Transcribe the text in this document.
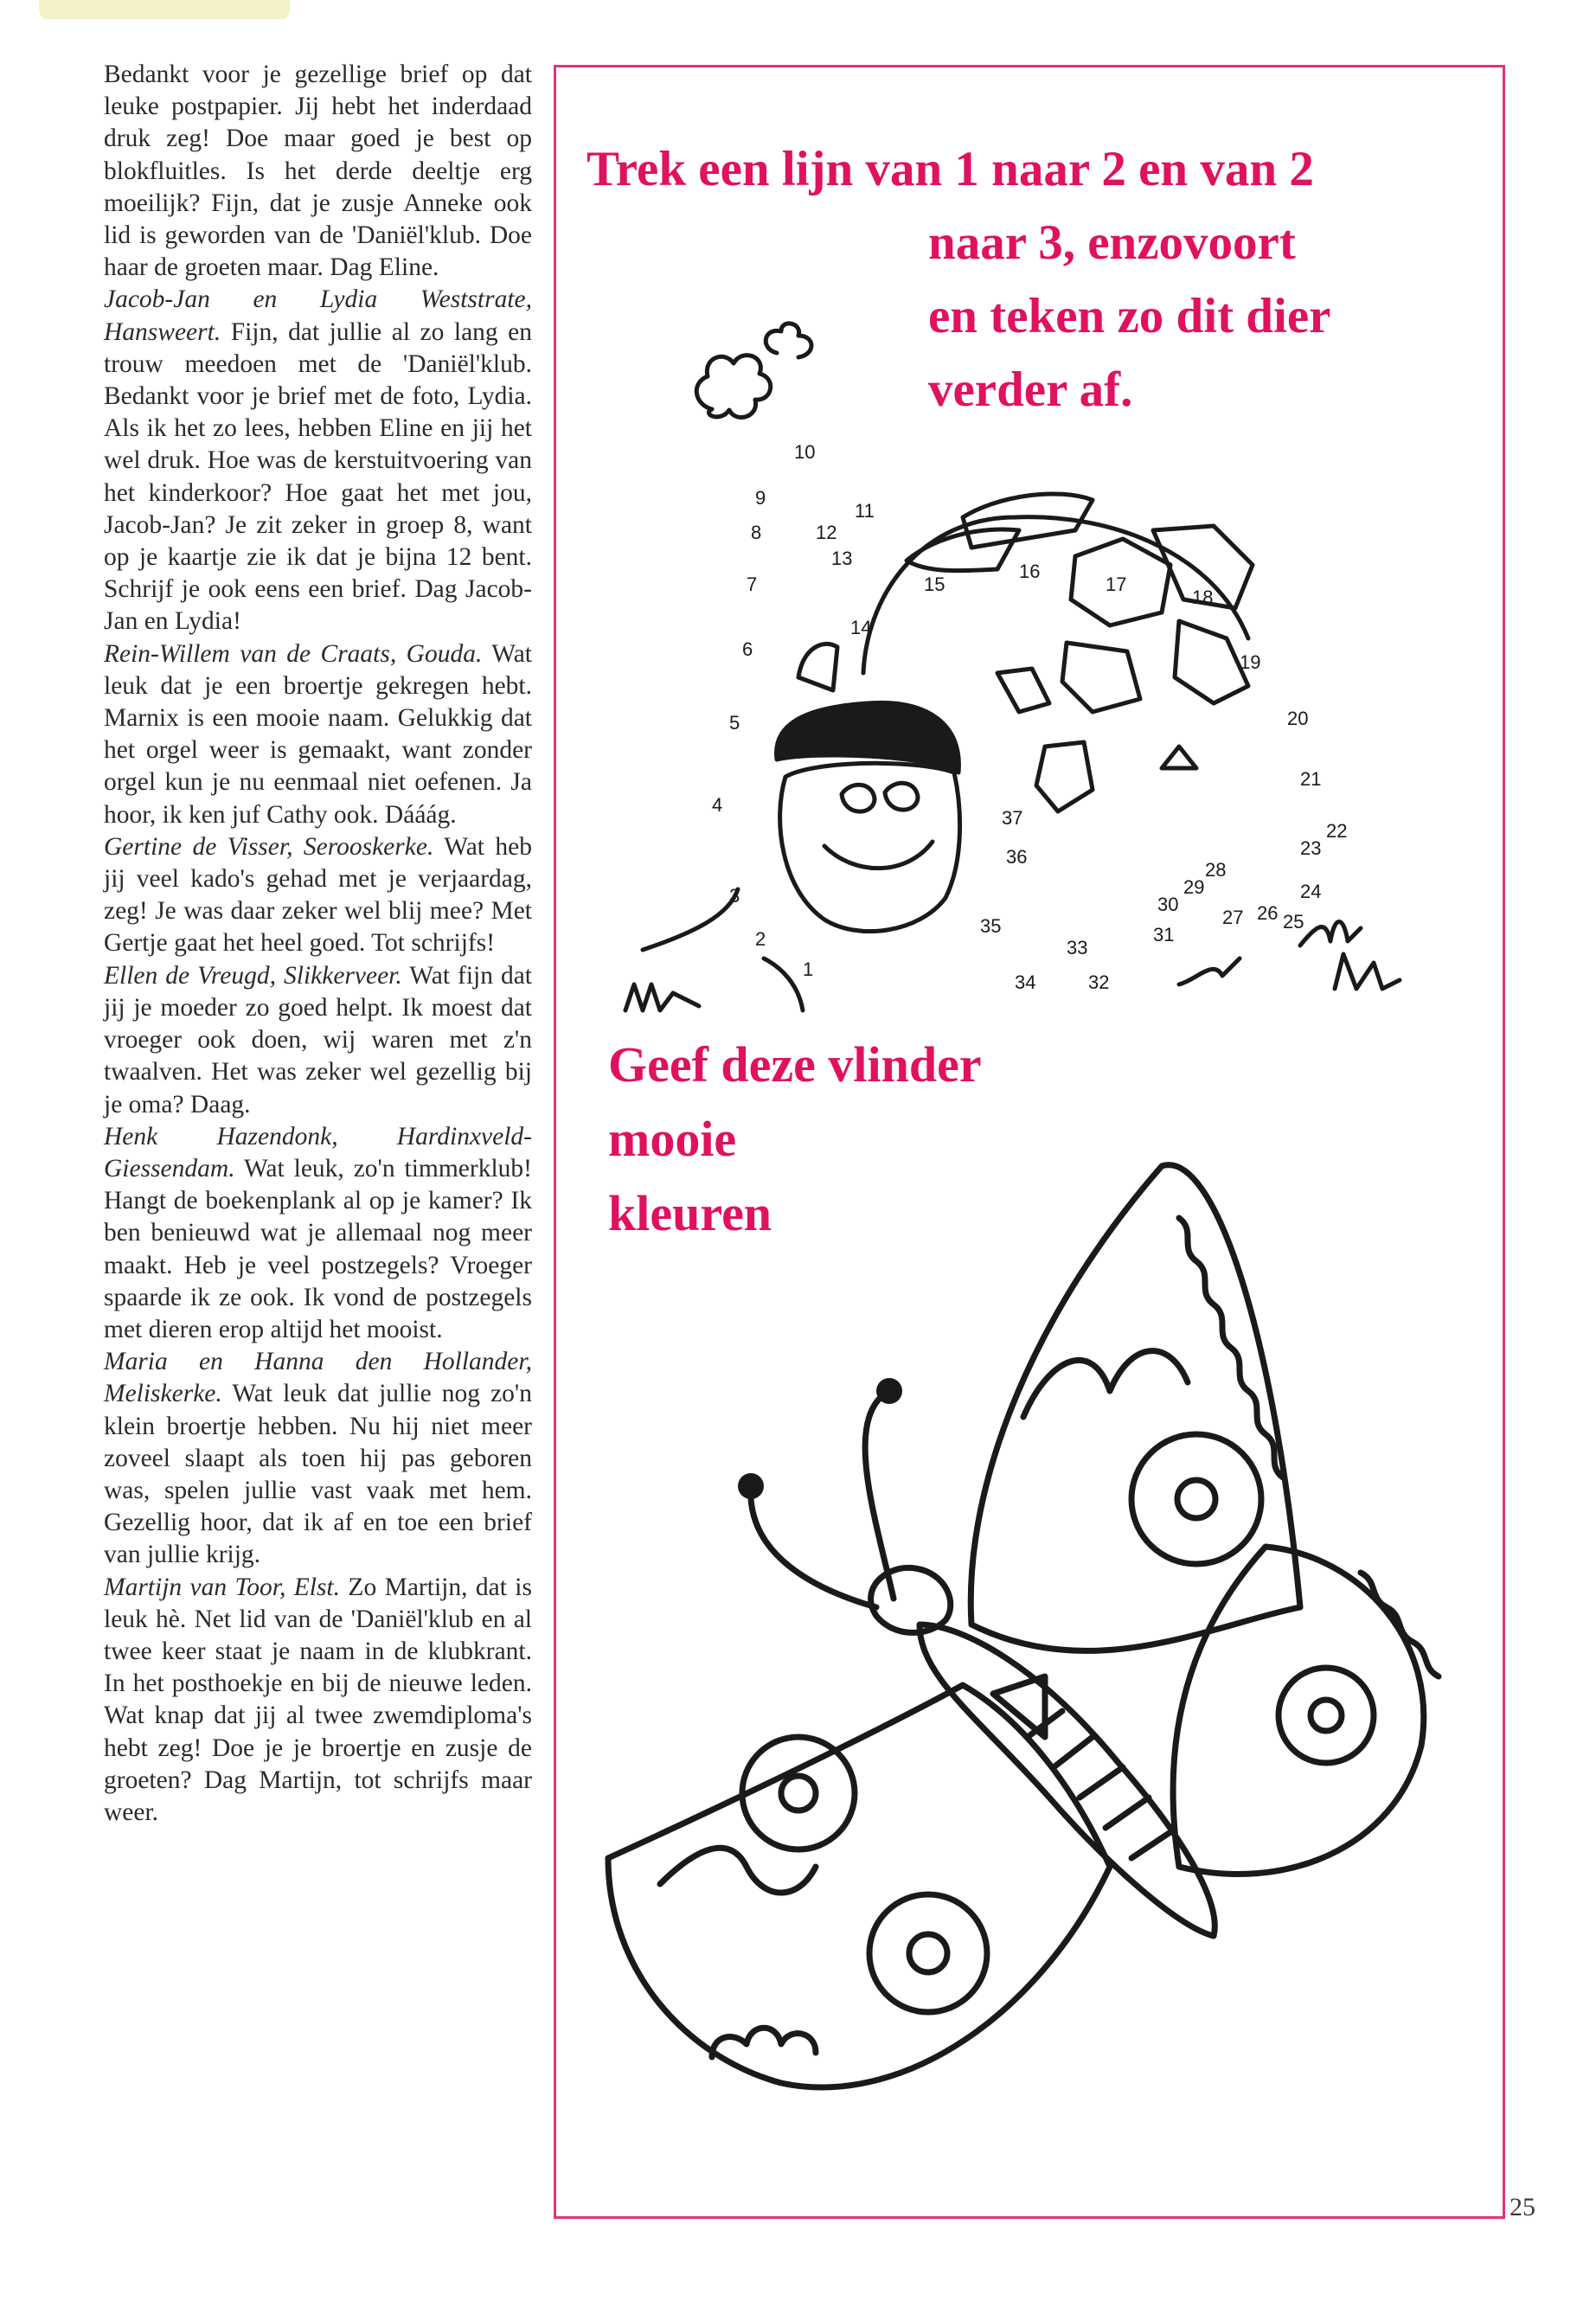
Bedankt voor je gezellige brief op dat leuke postpapier. Jij hebt het inderdaad druk zeg! Doe maar goed je best op blokfluitles. Is het derde deeltje erg moeilijk? Fijn, dat je zusje Anneke ook lid is geworden van de 'Daniël'klub. Doe haar de groeten maar. Dag Eline.

Jacob-Jan en Lydia Weststrate, Hansweert. Fijn, dat jullie al zo lang en trouw meedoen met de 'Daniël'klub. Bedankt voor je brief met de foto, Lydia. Als ik het zo lees, hebben Eline en jij het wel druk. Hoe was de kerstuitvoering van het kinderkoor? Hoe gaat het met jou, Jacob-Jan? Je zit zeker in groep 8, want op je kaartje zie ik dat je bijna 12 bent. Schrijf je ook eens een brief. Dag Jacob-Jan en Lydia!

Rein-Willem van de Craats, Gouda. Wat leuk dat je een broertje gekregen hebt. Marnix is een mooie naam. Gelukkig dat het orgel weer is gemaakt, want zonder orgel kun je nu eenmaal niet oefenen. Ja hoor, ik ken juf Cathy ook. Dááág.

Gertine de Visser, Serooskerke. Wat heb jij veel kado's gehad met je verjaardag, zeg! Je was daar zeker wel blij mee? Met Gertje gaat het heel goed. Tot schrijfs!

Ellen de Vreugd, Slikkerveer. Wat fijn dat jij je moeder zo goed helpt. Ik moest dat vroeger ook doen, wij waren met z'n twaalven. Het was zeker wel gezellig bij je oma? Daag.

Henk Hazendonk, Hardinxveld-Giessendam. Wat leuk, zo'n timmerklub! Hangt de boekenplank al op je kamer? Ik ben benieuwd wat je allemaal nog meer maakt. Heb je veel postzegels? Vroeger spaarde ik ze ook. Ik vond de postzegels met dieren erop altijd het mooist.

Maria en Hanna den Hollander, Meliskerke. Wat leuk dat jullie nog zo'n klein broertje hebben. Nu hij niet meer zoveel slaapt als toen hij pas geboren was, spelen jullie vast vaak met hem. Gezellig hoor, dat ik af en toe een brief van jullie krijg.

Martijn van Toor, Elst. Zo Martijn, dat is leuk hè. Net lid van de 'Daniël'klub en al twee keer staat je naam in de klubkrant. In het posthoekje en bij de nieuwe leden. Wat knap dat jij al twee zwemdiploma's hebt zeg! Doe je je broertje en zusje de groeten? Dag Martijn, tot schrijfs maar weer.

Trek een lijn van 1 naar 2 en van 2
naar 3, enzovoort
en teken zo dit dier
verder af.
1
2
3
4
5
6
7
8
9
10
11
12
13
14
15
16
17
18
19
20
21
22
23
24
25
26
27
28
29
30
31
32
33
34
35
36
37
Geef deze vlinder
mooie
kleuren
25
